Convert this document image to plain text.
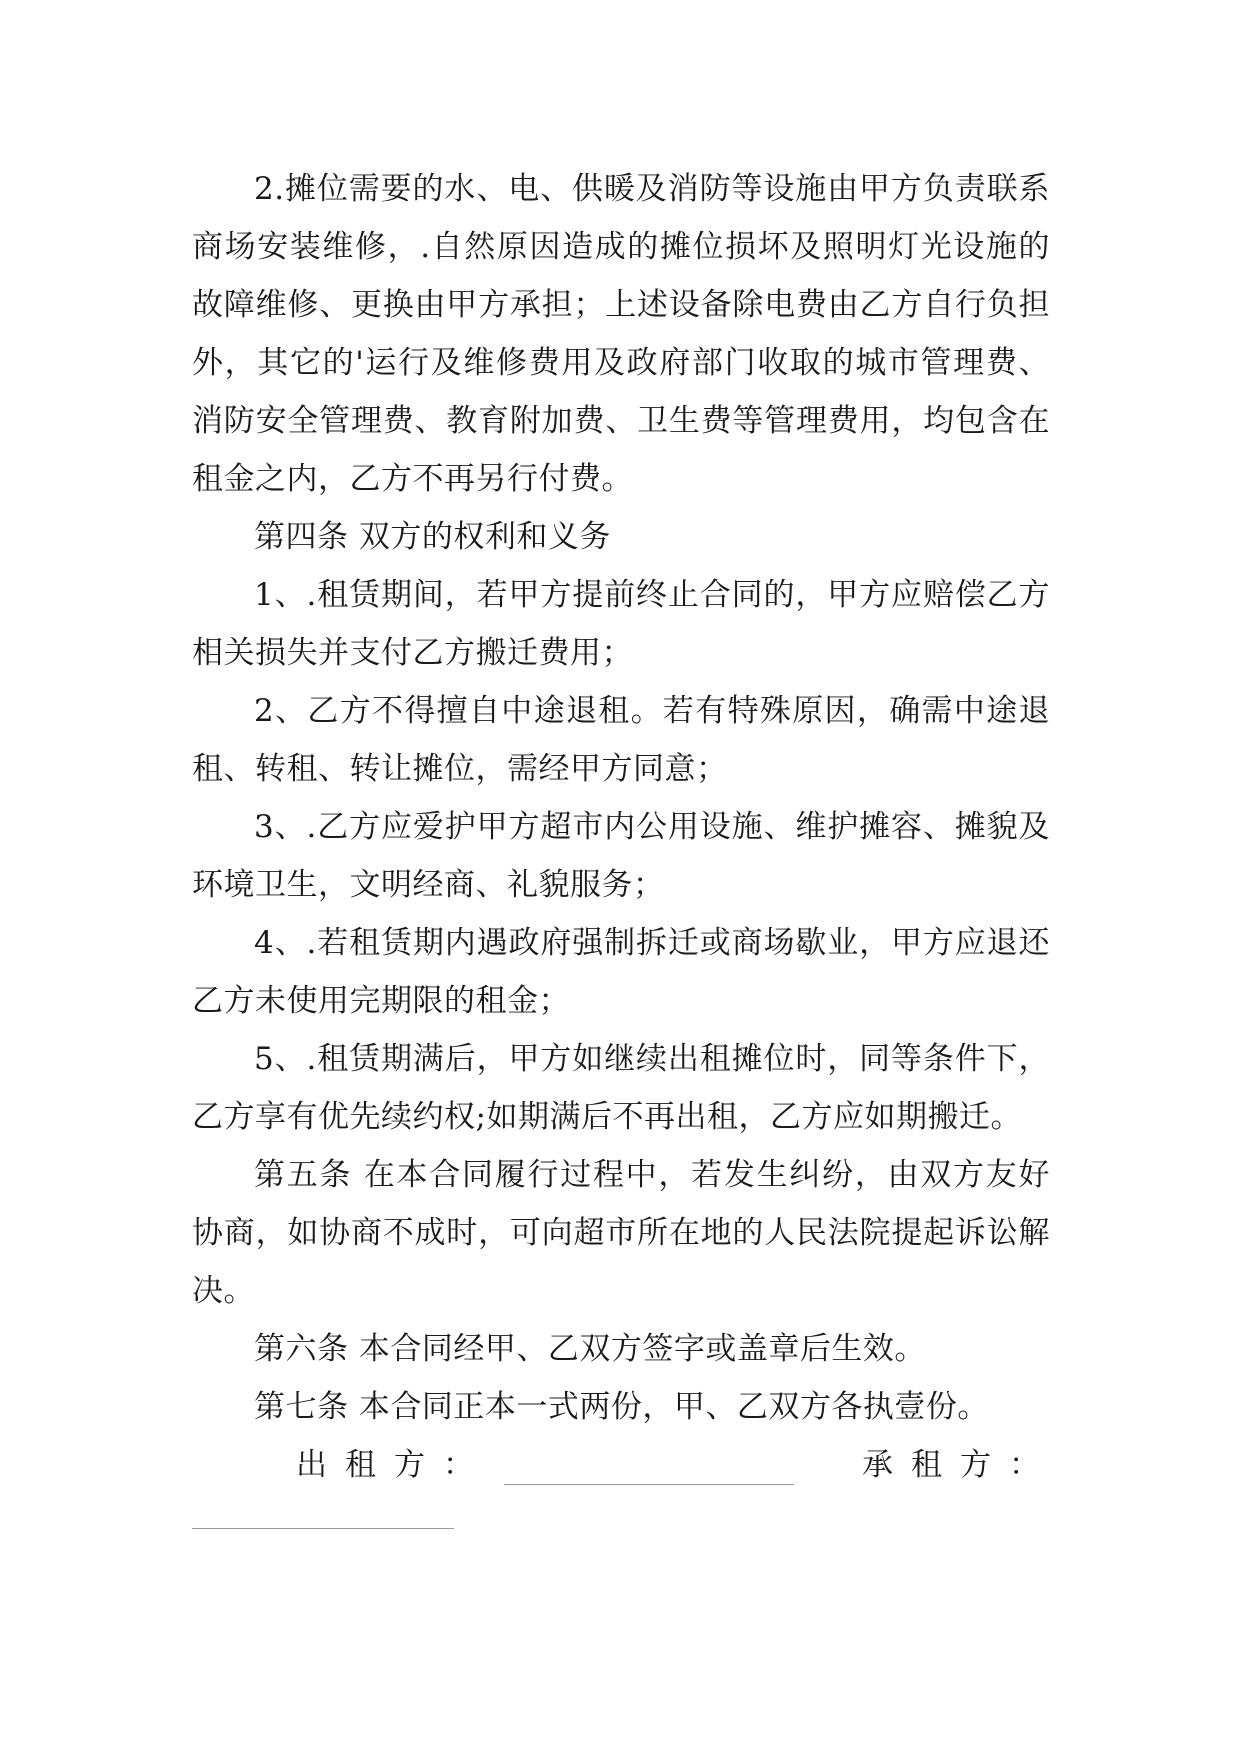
2.摊位需要的水、电、供暖及消防等设施由甲方负责联系商场安装维修，.自然原因造成的摊位损坏及照明灯光设施的故障维修、更换由甲方承担；上述设备除电费由乙方自行负担外，其它的'运行及维修费用及政府部门收取的城市管理费、消防安全管理费、教育附加费、卫生费等管理费用，均包含在租金之内，乙方不再另行付费。

第四条 双方的权利和义务

1、.租赁期间，若甲方提前终止合同的，甲方应赔偿乙方相关损失并支付乙方搬迁费用；

2、乙方不得擅自中途退租。若有特殊原因，确需中途退租、转租、转让摊位，需经甲方同意；

3、.乙方应爱护甲方超市内公用设施、维护摊容、摊貌及环境卫生，文明经商、礼貌服务；

4、.若租赁期内遇政府强制拆迁或商场歇业，甲方应退还乙方未使用完期限的租金；

5、.租赁期满后，甲方如继续出租摊位时，同等条件下，乙方享有优先续约权;如期满后不再出租，乙方应如期搬迁。

第五条 在本合同履行过程中，若发生纠纷，由双方友好协商，如协商不成时，可向超市所在地的人民法院提起诉讼解决。

第六条 本合同经甲、乙双方签字或盖章后生效。

第七条 本合同正本一式两份，甲、乙双方各执壹份。

出租方：	承租方：
